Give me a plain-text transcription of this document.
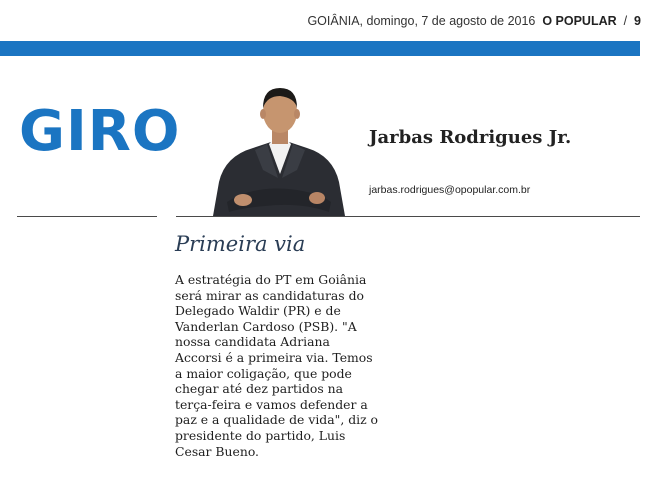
GOIÂNIA, domingo, 7 de agosto de 2016 O POPULAR / 9
GIRO	Jarbas Rodrigues Jr.
jarbas.rodrigues@opopular.com.br
Primeira via
A estratégia do PT em Goiânia
será mirar as candidaturas do
Delegado Waldir (PR) e de
Vanderlan Cardoso (PSB). "A
nossa candidata Adriana
Accorsi é a primeira via. Temos
a maior coligação, que pode
chegar até dez partidos na
terça-feira e vamos defender a
paz e a qualidade de vida", diz o
presidente do partido, Luis
Cesar Bueno.
